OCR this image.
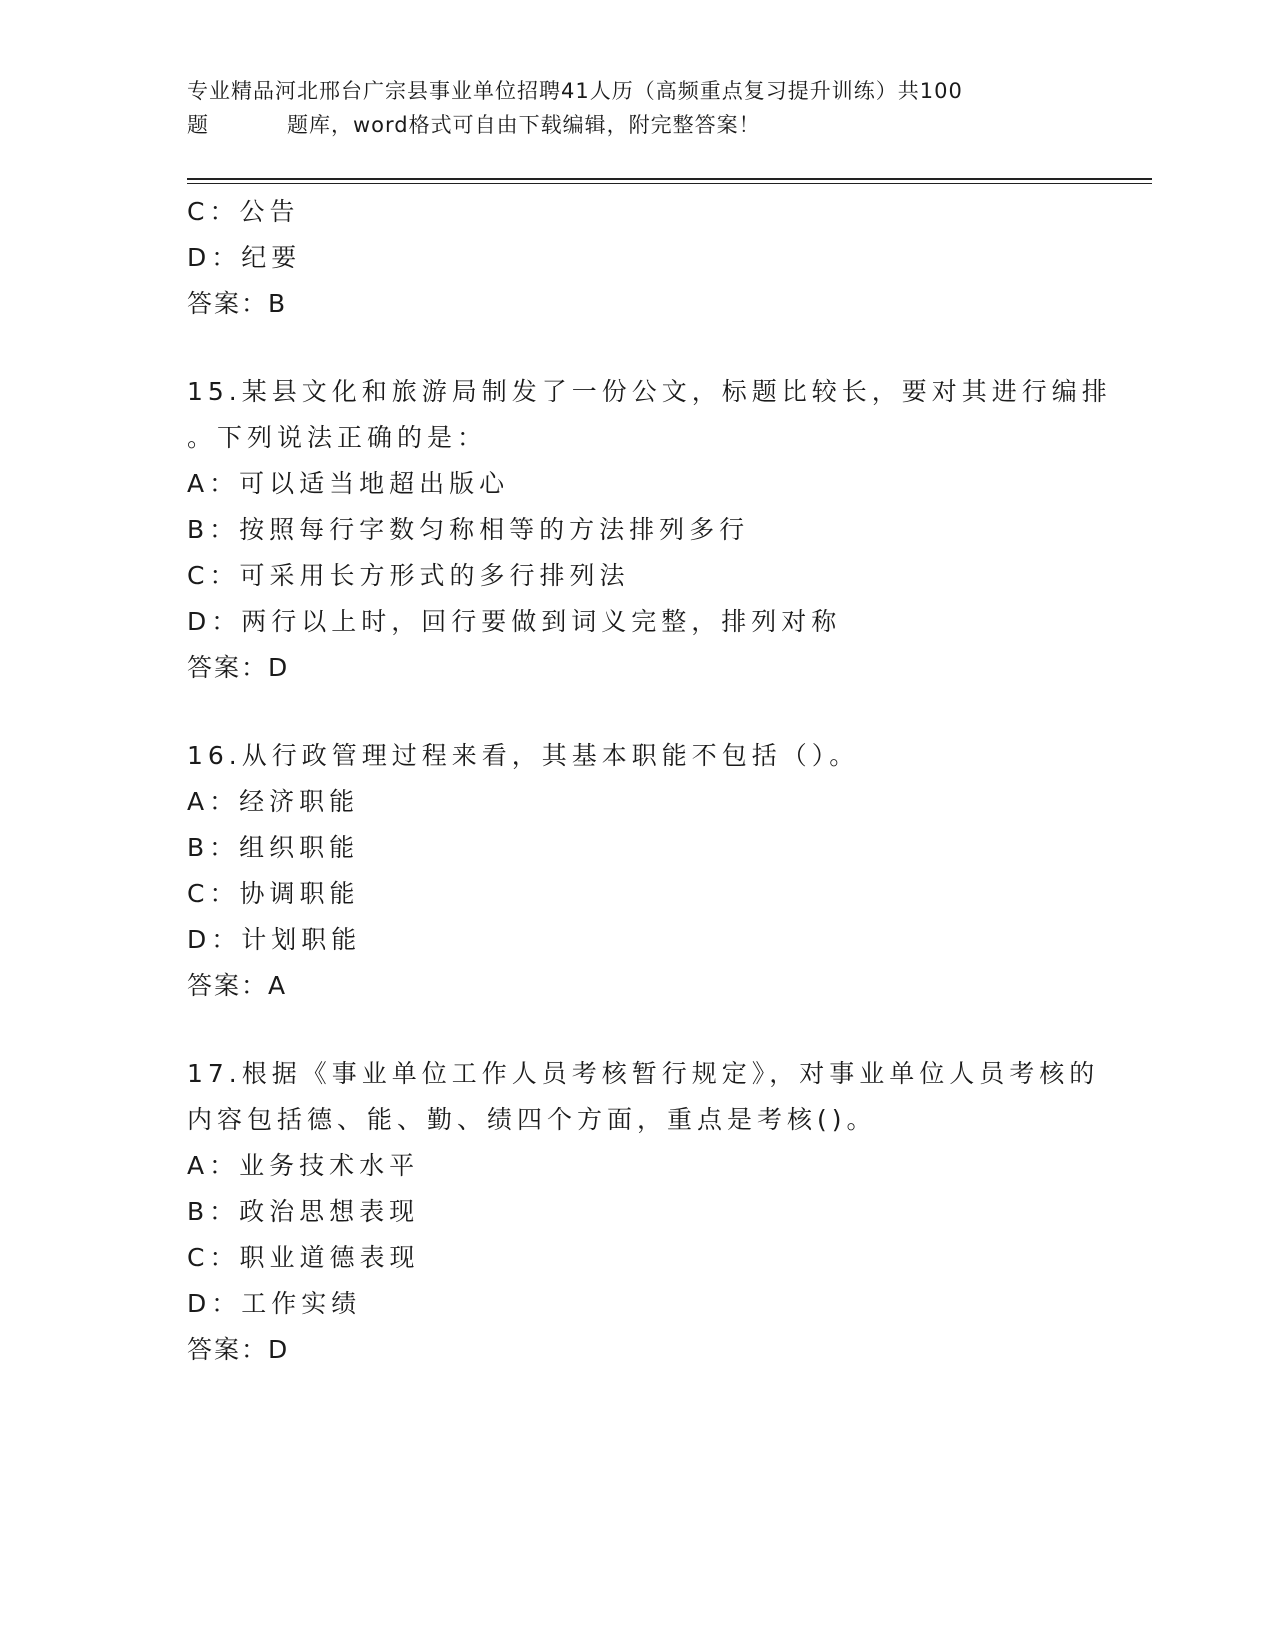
专业精品河北邢台广宗县事业单位招聘41人历（高频重点复习提升训练）共100
题	题库，word格式可自由下载编辑，附完整答案！
C：公告
D：纪要
答案：B
15.某县文化和旅游局制发了一份公文，标题比较长，要对其进行编排
。下列说法正确的是：
A：可以适当地超出版心
B：按照每行字数匀称相等的方法排列多行
C：可采用长方形式的多行排列法
D：两行以上时，回行要做到词义完整，排列对称
答案：D
16.从行政管理过程来看，其基本职能不包括（）。
A：经济职能
B：组织职能
C：协调职能
D：计划职能
答案：A
17.根据《事业单位工作人员考核暂行规定》，对事业单位人员考核的
内容包括德、能、勤、绩四个方面，重点是考核()。
A：业务技术水平
B：政治思想表现
C：职业道德表现
D：工作实绩
答案：D
